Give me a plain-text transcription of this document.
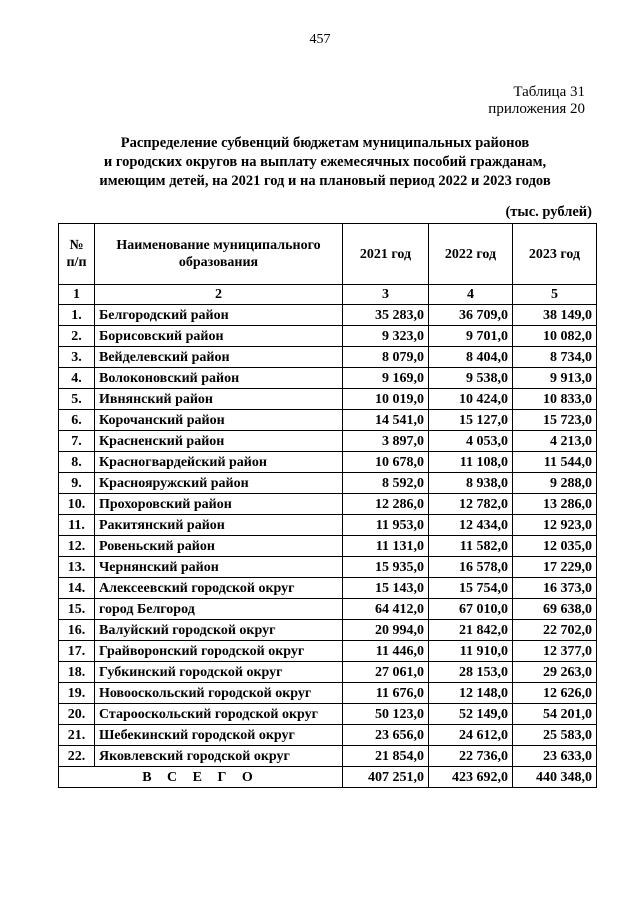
457
Таблица 31
приложения 20
Распределение субвенций бюджетам муниципальных районов
и городских округов на выплату ежемесячных пособий гражданам,
имеющим детей, на 2021 год и на плановый период 2022 и 2023 годов
(тыс. рублей)
№ п/п	Наименование муниципального образования	2021 год	2022 год	2023 год
1	2	3	4	5
1.	Белгородский район	35 283,0	36 709,0	38 149,0
2.	Борисовский район	9 323,0	9 701,0	10 082,0
3.	Вейделевский район	8 079,0	8 404,0	8 734,0
4.	Волоконовский район	9 169,0	9 538,0	9 913,0
5.	Ивнянский район	10 019,0	10 424,0	10 833,0
6.	Корочанский район	14 541,0	15 127,0	15 723,0
7.	Красненский район	3 897,0	4 053,0	4 213,0
8.	Красногвардейский район	10 678,0	11 108,0	11 544,0
9.	Краснояружский район	8 592,0	8 938,0	9 288,0
10.	Прохоровский район	12 286,0	12 782,0	13 286,0
11.	Ракитянский район	11 953,0	12 434,0	12 923,0
12.	Ровеньский район	11 131,0	11 582,0	12 035,0
13.	Чернянский район	15 935,0	16 578,0	17 229,0
14.	Алексеевский городской округ	15 143,0	15 754,0	16 373,0
15.	город Белгород	64 412,0	67 010,0	69 638,0
16.	Валуйский городской округ	20 994,0	21 842,0	22 702,0
17.	Грайворонский городской округ	11 446,0	11 910,0	12 377,0
18.	Губкинский городской округ	27 061,0	28 153,0	29 263,0
19.	Новооскольский городской округ	11 676,0	12 148,0	12 626,0
20.	Старооскольский городской округ	50 123,0	52 149,0	54 201,0
21.	Шебекинский городской округ	23 656,0	24 612,0	25 583,0
22.	Яковлевский городской округ	21 854,0	22 736,0	23 633,0
В С Е Г О		407 251,0	423 692,0	440 348,0
